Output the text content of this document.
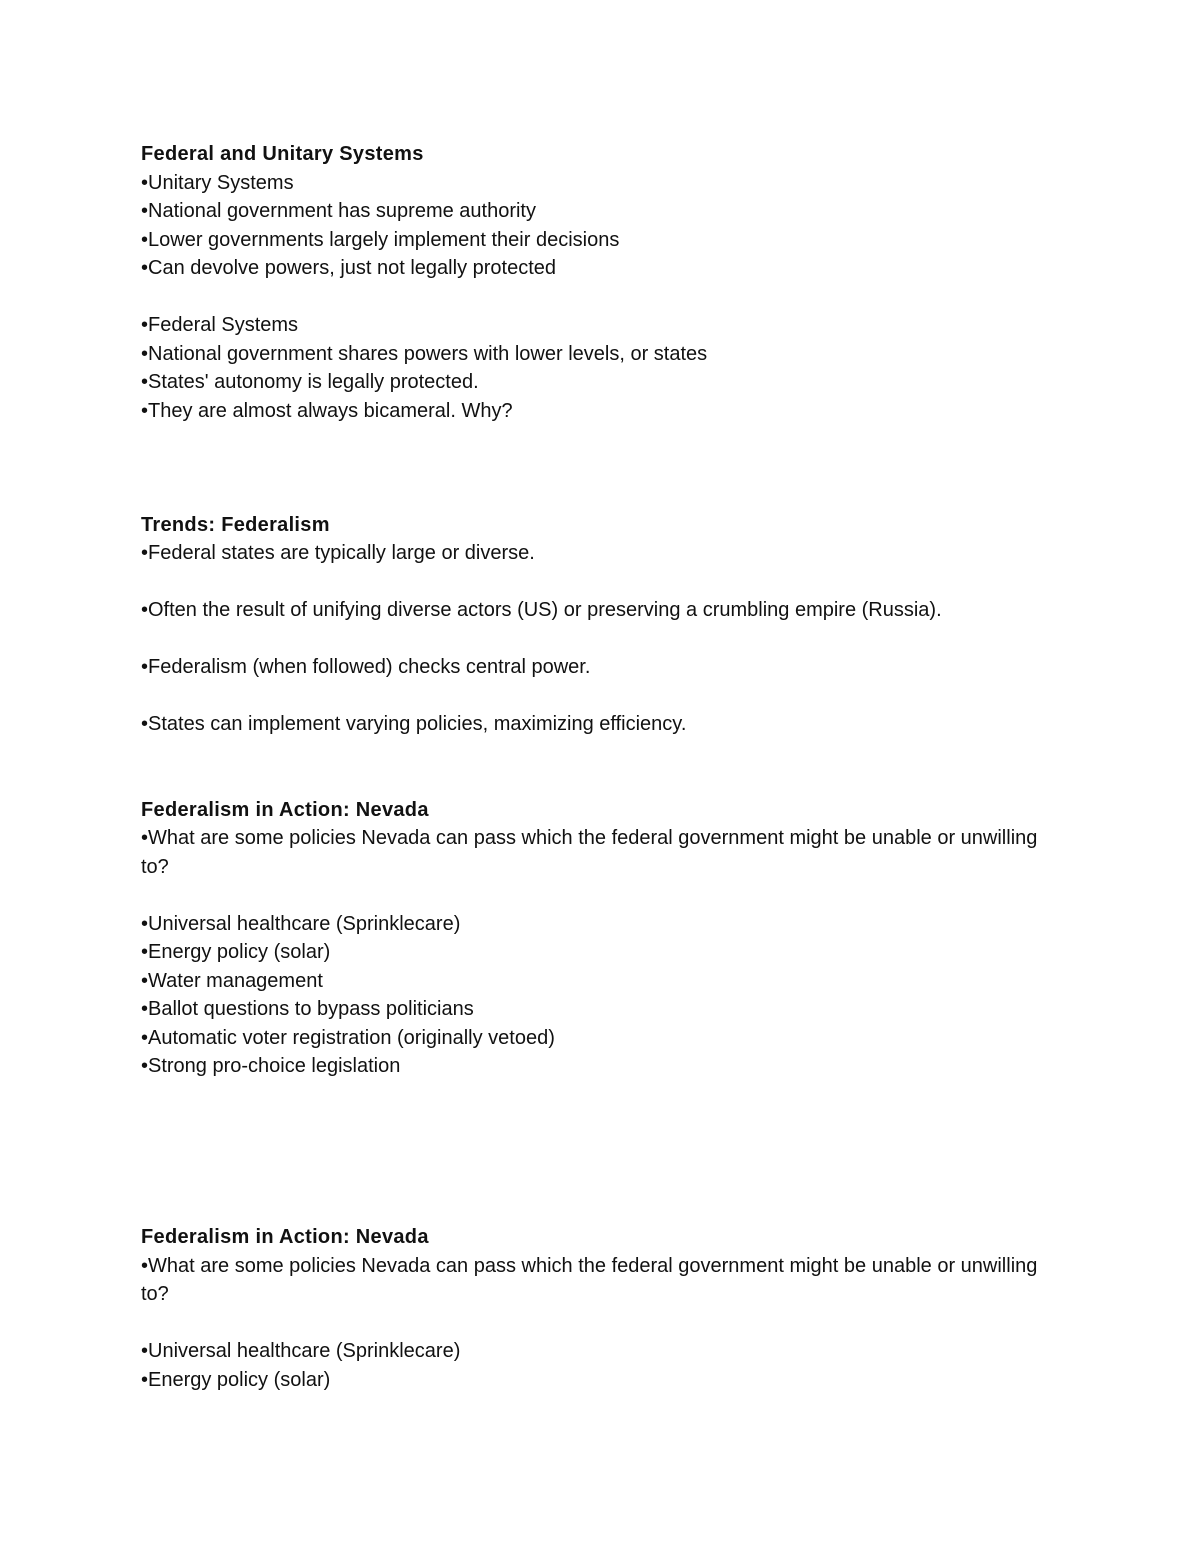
Federal and Unitary Systems

•Unitary Systems

•National government has supreme authority

•Lower governments largely implement their decisions

•Can devolve powers, just not legally protected

•Federal Systems

•National government shares powers with lower levels, or states

•States' autonomy is legally protected.

•They are almost always bicameral. Why?

Trends: Federalism

•Federal states are typically large or diverse.

•Often the result of unifying diverse actors (US) or preserving a crumbling empire (Russia).

•Federalism (when followed) checks central power.

•States can implement varying policies, maximizing efficiency.

Federalism in Action: Nevada

•What are some policies Nevada can pass which the federal government might be unable or unwilling to?

•Universal healthcare (Sprinklecare)

•Energy policy (solar)

•Water management

•Ballot questions to bypass politicians

•Automatic voter registration (originally vetoed)

•Strong pro-choice legislation

Federalism in Action: Nevada

•What are some policies Nevada can pass which the federal government might be unable or unwilling to?

•Universal healthcare (Sprinklecare)

•Energy policy (solar)
